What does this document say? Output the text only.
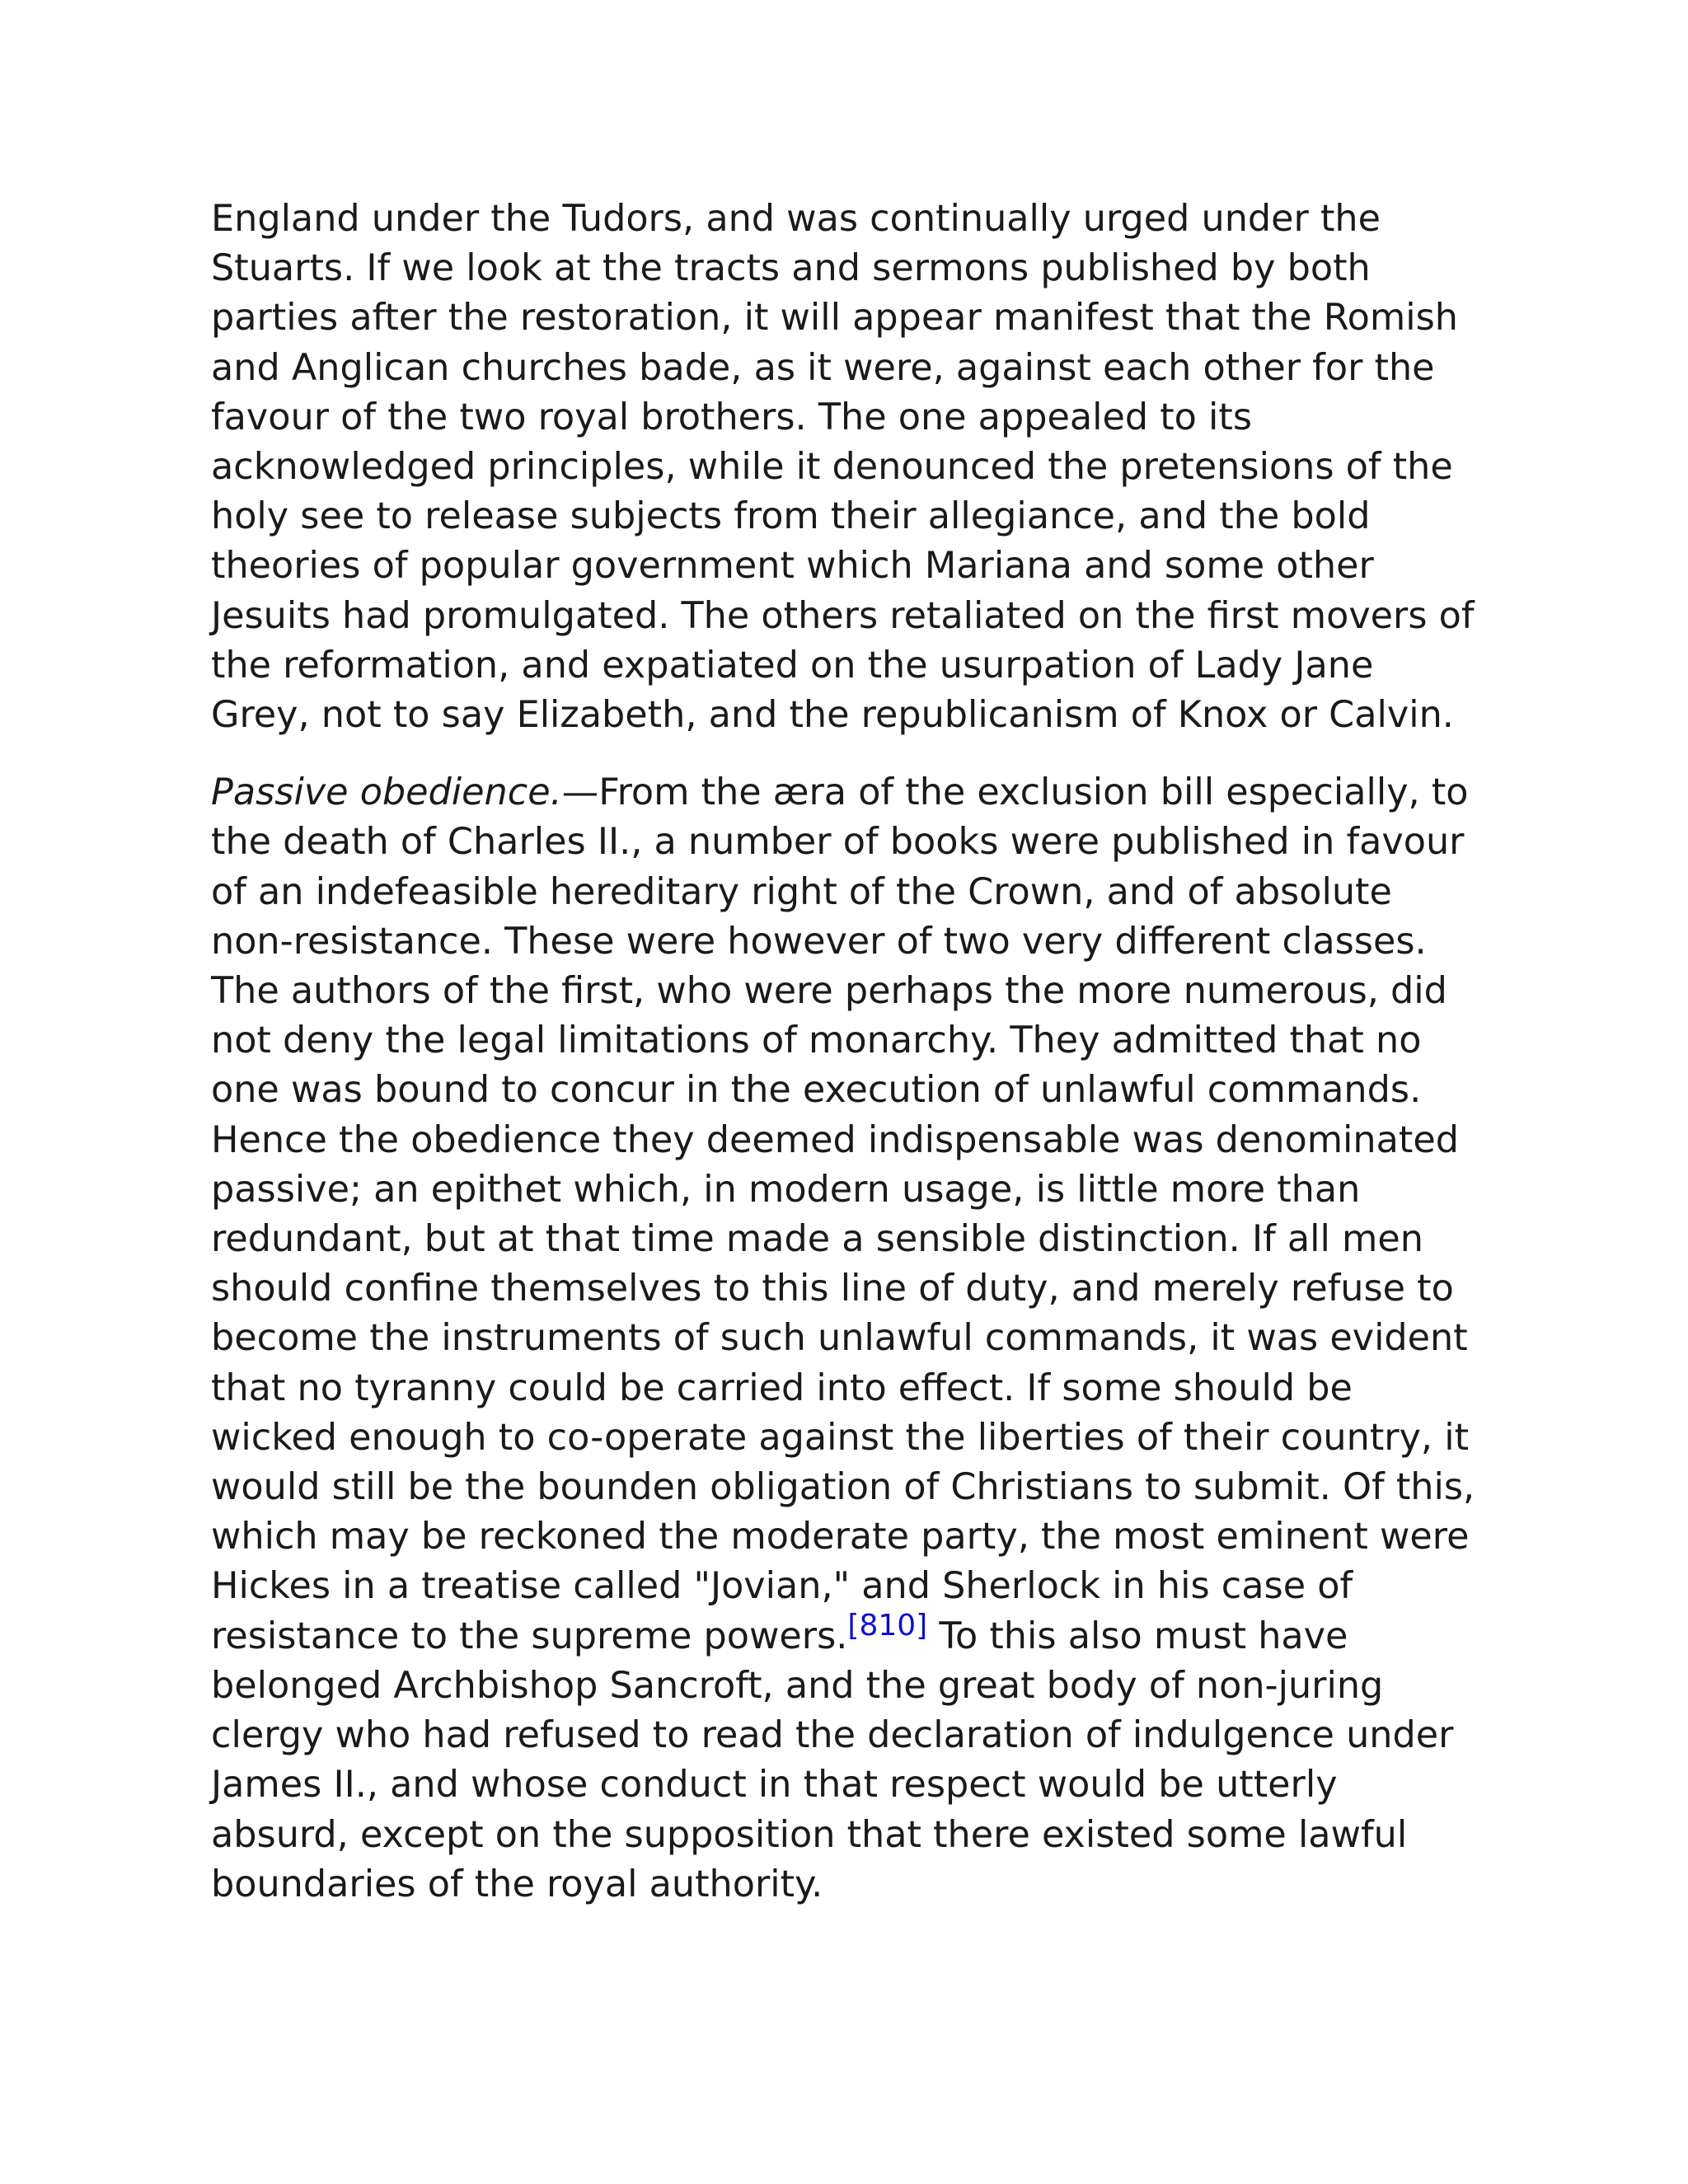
England under the Tudors, and was continually urged under the
Stuarts. If we look at the tracts and sermons published by both
parties after the restoration, it will appear manifest that the Romish
and Anglican churches bade, as it were, against each other for the
favour of the two royal brothers. The one appealed to its
acknowledged principles, while it denounced the pretensions of the
holy see to release subjects from their allegiance, and the bold
theories of popular government which Mariana and some other
Jesuits had promulgated. The others retaliated on the first movers of
the reformation, and expatiated on the usurpation of Lady Jane
Grey, not to say Elizabeth, and the republicanism of Knox or Calvin.

Passive obedience.—From the æra of the exclusion bill especially, to
the death of Charles II., a number of books were published in favour
of an indefeasible hereditary right of the Crown, and of absolute
non-resistance. These were however of two very different classes.
The authors of the first, who were perhaps the more numerous, did
not deny the legal limitations of monarchy. They admitted that no
one was bound to concur in the execution of unlawful commands.
Hence the obedience they deemed indispensable was denominated
passive; an epithet which, in modern usage, is little more than
redundant, but at that time made a sensible distinction. If all men
should confine themselves to this line of duty, and merely refuse to
become the instruments of such unlawful commands, it was evident
that no tyranny could be carried into effect. If some should be
wicked enough to co-operate against the liberties of their country, it
would still be the bounden obligation of Christians to submit. Of this,
which may be reckoned the moderate party, the most eminent were
Hickes in a treatise called "Jovian," and Sherlock in his case of
resistance to the supreme powers.[810] To this also must have
belonged Archbishop Sancroft, and the great body of non-juring
clergy who had refused to read the declaration of indulgence under
James II., and whose conduct in that respect would be utterly
absurd, except on the supposition that there existed some lawful
boundaries of the royal authority.
